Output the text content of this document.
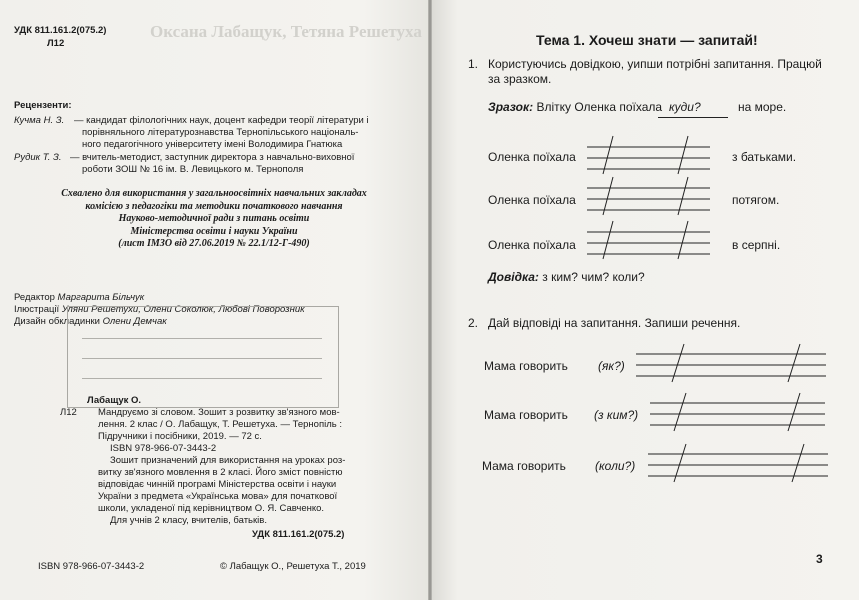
Оксана Лабащук, Тетяна Решетуха
УДК 811.161.2(075.2)
Л12
Рецензенти:
Кучма Н. З. — кандидат філологічних наук, доцент кафедри теорії літератури і
порівняльного літературознавства Тернопільського національ-
ного педагогічного університету імені Володимира Гнатюка
Рудик Т. З. — вчитель-методист, заступник директора з навчально-виховної
роботи ЗОШ № 16 ім. В. Левицького м. Тернополя
Схвалено для використання у загальноосвітніх навчальних закладах
комісією з педагогіки та методики початкового навчання
Науково-методичної ради з питань освіти
Міністерства освіти і науки України
(лист ІМЗО від 27.06.2019 № 22.1/12-Г-490)
Редактор Маргарита Більчук
Ілюстрації Уляни Решетухи, Олени Соколюк, Любові Поворозник
Дизайн обкладинки Олени Демчак
Лабащук О.
Л12 Мандруємо зі словом. Зошит з розвитку зв'язного мов-
лення. 2 клас / О. Лабащук, Т. Решетуха. — Тернопіль :
Підручники і посібники, 2019. — 72 с.
ISBN 978-966-07-3443-2
Зошит призначений для використання на уроках роз-
витку зв'язного мовлення в 2 класі. Його зміст повністю
відповідає чинній програмі Міністерства освіти і науки
України з предмета «Українська мова» для початкової
школи, укладеної під керівництвом О. Я. Савченко.
Для учнів 2 класу, вчителів, батьків.
УДК 811.161.2(075.2)
ISBN 978-966-07-3443-2	© Лабащук О., Решетуха Т., 2019
Тема 1. Хочеш знати — запитай!
1. Користуючись довідкою, уипши потрібні запитання. Працюй
за зразком.
Зразок: Влітку Оленка поїхала куди?	на море.
Оленка поїхала	з батьками.
Оленка поїхала	потягом.
Оленка поїхала	в серпні.
Довідка: з ким? чим? коли?
2. Дай відповіді на запитання. Запиши речення.
Мама говорить	(як?)
Мама говорить (з ким?)
Мама говорить (коли?)
3
